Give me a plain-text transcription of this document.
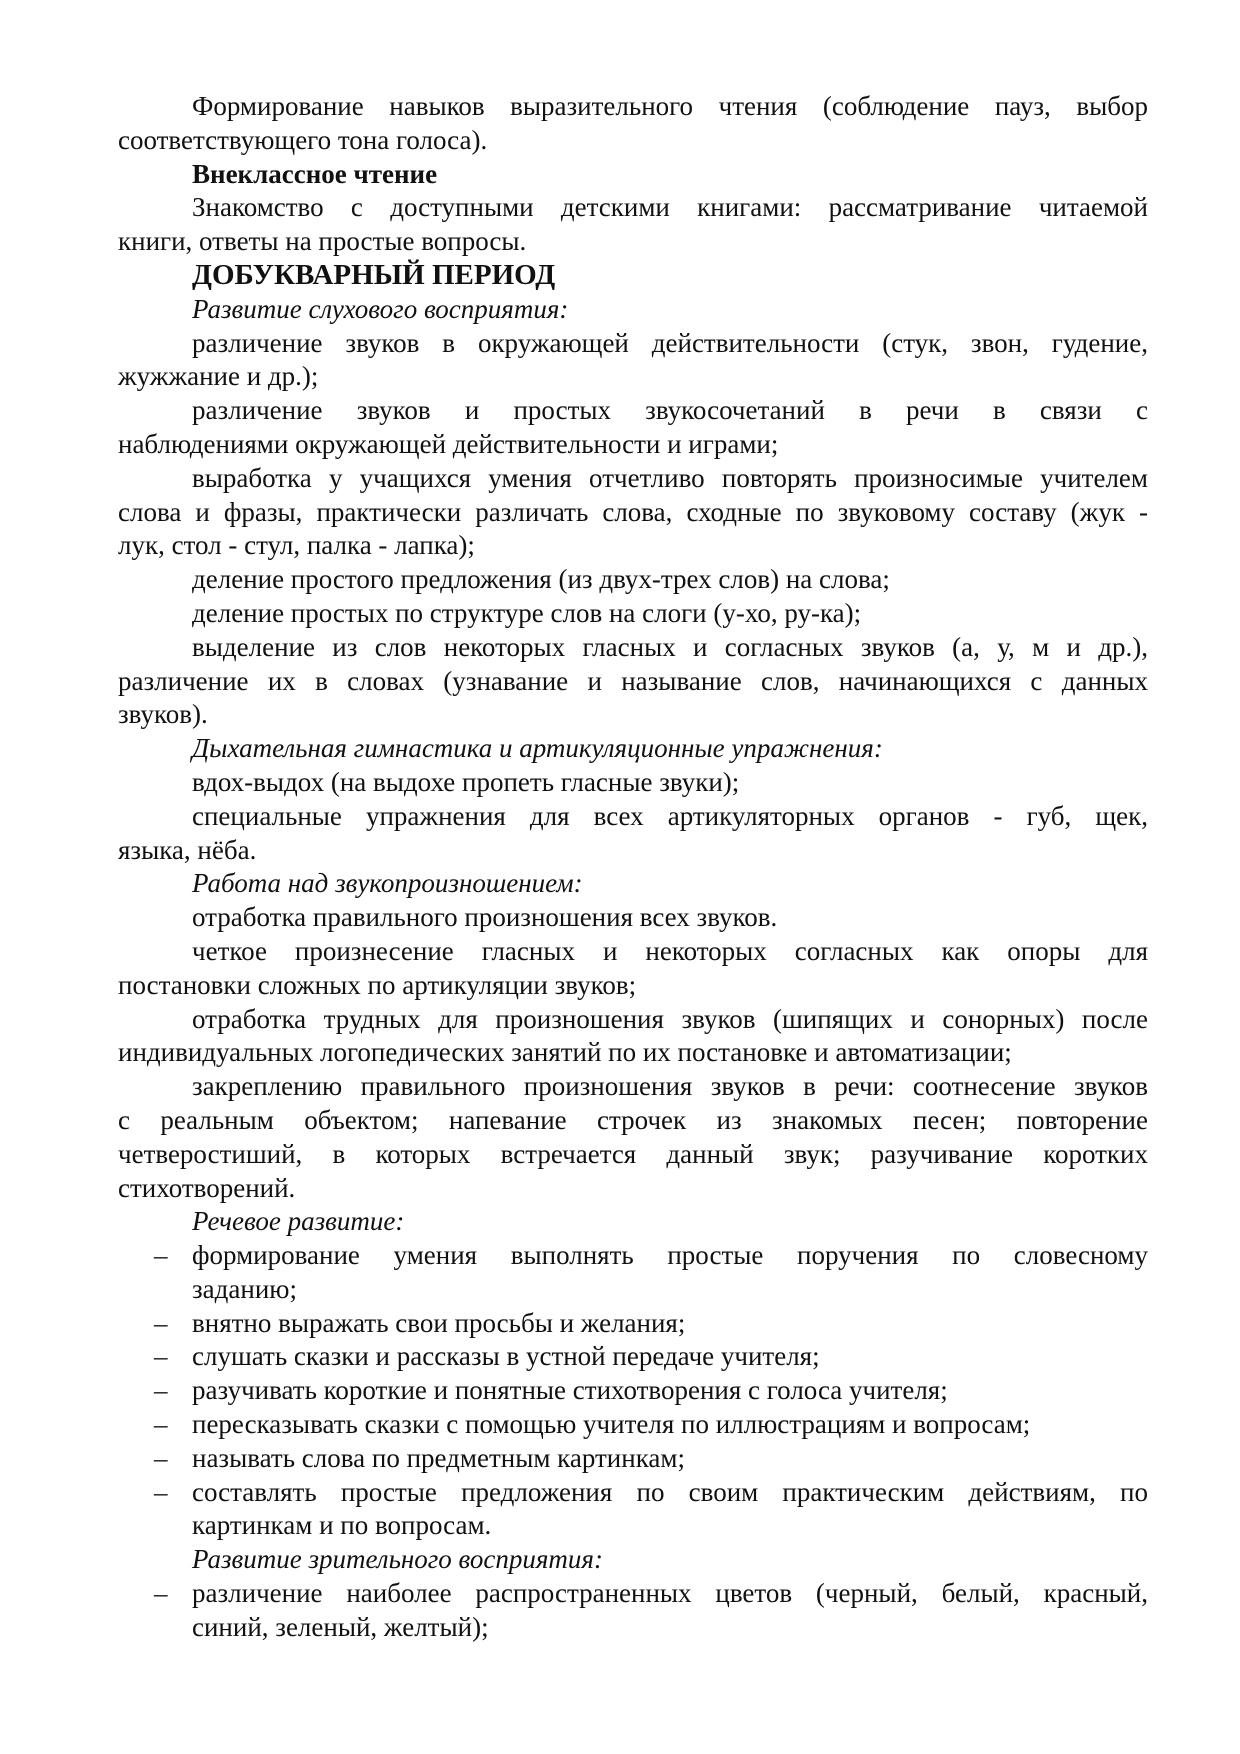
Формирование навыков выразительного чтения (соблюдение пауз, выбор
соответствующего тона голоса).
Внеклассное чтение
Знакомство с доступными детскими книгами: рассматривание читаемой
книги, ответы на простые вопросы.
ДОБУКВАРНЫЙ ПЕРИОД
Развитие слухового восприятия:
различение звуков в окружающей действительности (стук, звон, гудение,
жужжание и др.);
различение звуков и простых звукосочетаний в речи в связи с
наблюдениями окружающей действительности и играми;
выработка у учащихся умения отчетливо повторять произносимые учителем
слова и фразы, практически различать слова, сходные по звуковому составу (жук -
лук, стол - стул, палка - лапка);
деление простого предложения (из двух-трех слов) на слова;
деление простых по структуре слов на слоги (у-хо, ру-ка);
выделение из слов некоторых гласных и согласных звуков (а, у, м и др.),
различение их в словах (узнавание и называние слов, начинающихся с данных
звуков).
Дыхательная гимнастика и артикуляционные упражнения:
вдох-выдох (на выдохе пропеть гласные звуки);
специальные упражнения для всех артикуляторных органов - губ, щек,
языка, нёба.
Работа над звукопроизношением:
отработка правильного произношения всех звуков.
четкое произнесение гласных и некоторых согласных как опоры для
постановки сложных по артикуляции звуков;
отработка трудных для произношения звуков (шипящих и сонорных) после
индивидуальных логопедических занятий по их постановке и автоматизации;
закреплению правильного произношения звуков в речи: соотнесение звуков
с реальным объектом; напевание строчек из знакомых песен; повторение
четверостиший, в которых встречается данный звук; разучивание коротких
стихотворений.
Речевое развитие:
– формирование умения выполнять простые поручения по словесному
заданию;
– внятно выражать свои просьбы и желания;
– слушать сказки и рассказы в устной передаче учителя;
– разучивать короткие и понятные стихотворения с голоса учителя;
– пересказывать сказки с помощью учителя по иллюстрациям и вопросам;
– называть слова по предметным картинкам;
– составлять простые предложения по своим практическим действиям, по
картинкам и по вопросам.
Развитие зрительного восприятия:
– различение наиболее распространенных цветов (черный, белый, красный,
синий, зеленый, желтый);
